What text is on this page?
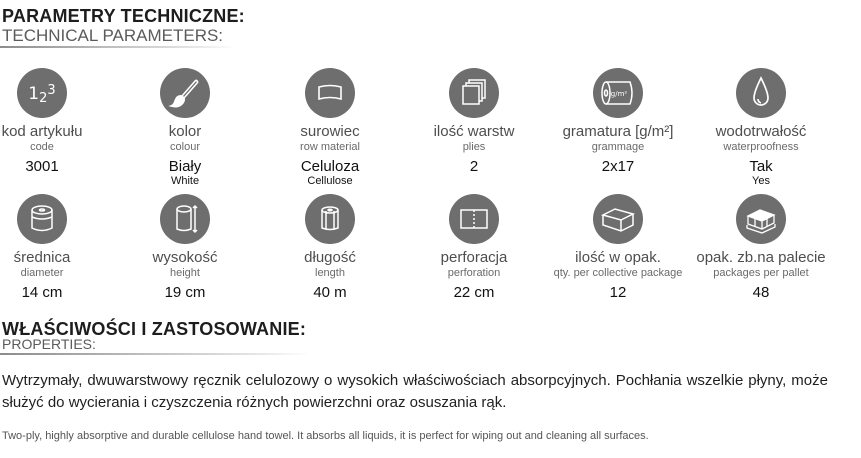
PARAMETRY TECHNICZNE:
TECHNICAL PARAMETERS:
$12^3$
kod artykułu
code
3001
kolor
colour
Biały
White
surowiec
row material
Celuloza
Cellulose
ilość warstw
plies
2
g/m²
gramatura [g/m²]
grammage
2x17
wodotrwałość
waterproofness
Tak
Yes
średnica
diameter
14 cm
wysokość
height
19 cm
długość
length
40 m
perforacja
perforation
22 cm
ilość w opak.
qty. per collective package
12
opak. zb.na palecie
packages per pallet
48
WŁAŚCIWOŚCI I ZASTOSOWANIE:
PROPERTIES:
Wytrzymały, dwuwarstwowy ręcznik celulozowy o wysokich właściwościach absorpcyjnych. Pochłania wszelkie płyny, może służyć do wycierania i czyszczenia różnych powierzchni oraz osuszania rąk.
Two-ply, highly absorptive and durable cellulose hand towel. It absorbs all liquids, it is perfect for wiping out and cleaning all surfaces.
